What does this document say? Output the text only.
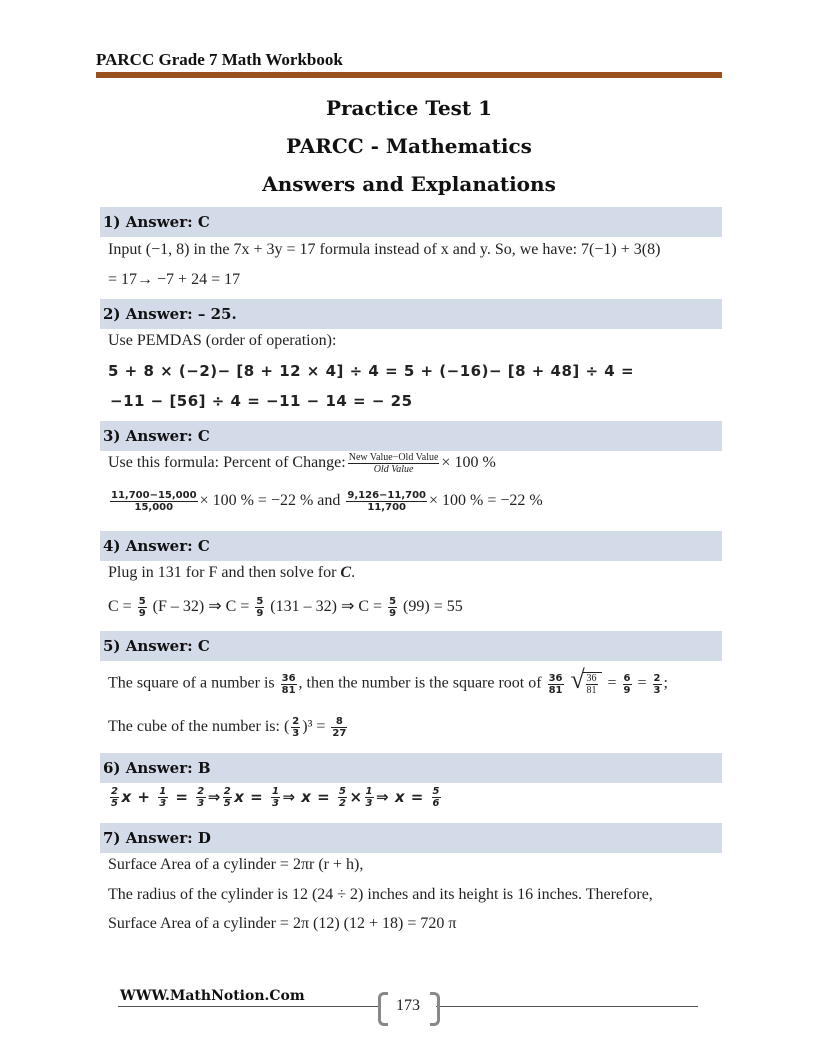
PARCC Grade 7 Math Workbook
Practice Test 1
PARCC - Mathematics
Answers and Explanations
1) Answer: C
Input (−1, 8) in the 7x + 3y = 17 formula instead of x and y. So, we have: 7(−1) + 3(8)
= 17→ −7 + 24 = 17
2) Answer: – 25.
Use PEMDAS (order of operation):
5 + 8 × (−2)− [8 + 12 × 4] ÷ 4 = 5 + (−16)− [8 + 48] ÷ 4 =
−11 − [56] ÷ 4 = −11 − 14 = − 25
3) Answer: C
Use this formula: Percent of Change: $\frac{\text{New Value−Old Value}}{\text{Old Value}} \times 100$ %
$\frac{11,700-15,000}{15,000} \times 100$ % = −22 % and $\frac{9,126-11,700}{11,700} \times 100$ % = −22 %
4) Answer: C
Plug in 131 for F and then solve for C.
$C = \frac{5}{9} (F - 32)$ ⇒ $C = \frac{5}{9} (131 - 32)$ ⇒ $C = \frac{5}{9} (99) = 55$
5) Answer: C
The square of a number is $\frac{36}{81}$ , then the number is the square root of $\frac{36}{81}$

√ $\frac{36}{81} = \frac{6}{9} = \frac{2}{3}$ ;
The cube of the number is: ( $\frac{2}{3} )^3 = \frac{8}{27}$
6) Answer: B
$\frac{2}{5}$ $x + \frac{1}{3} = \frac{2}{3}$ ⇒ $\frac{2}{5}$ $x = \frac{1}{3}$ ⇒ $x = \frac{5}{2} \times \frac{1}{3}$ ⇒ $x = \frac{5}{6}$
7) Answer: D
Surface Area of a cylinder = 2πr (r + h),
The radius of the cylinder is 12 (24 ÷ 2) inches and its height is 16 inches. Therefore,
Surface Area of a cylinder = 2π (12) (12 + 18) = 720 π
WWW.MathNotion.Com
173
